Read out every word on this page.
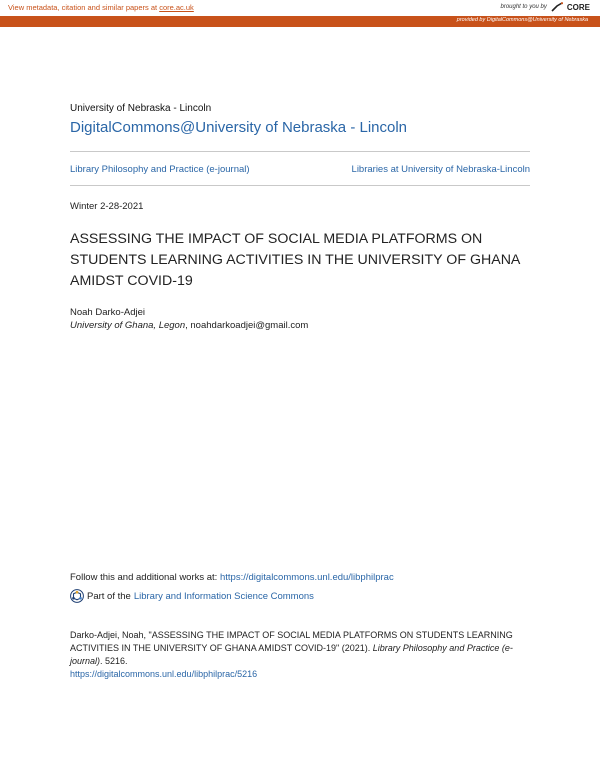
View metadata, citation and similar papers at core.ac.uk	brought to you by	CORE
provided by DigitalCommons@University of Nebraska
University of Nebraska - Lincoln
DigitalCommons@University of Nebraska - Lincoln
Library Philosophy and Practice (e-journal)	Libraries at University of Nebraska-Lincoln
Winter 2-28-2021
ASSESSING THE IMPACT OF SOCIAL MEDIA PLATFORMS ON STUDENTS LEARNING ACTIVITIES IN THE UNIVERSITY OF GHANA AMIDST COVID-19
Noah Darko-Adjei
University of Ghana, Legon, noahdarkoadjei@gmail.com
Follow this and additional works at: https://digitalcommons.unl.edu/libphilprac
Part of the Library and Information Science Commons
Darko-Adjei, Noah, "ASSESSING THE IMPACT OF SOCIAL MEDIA PLATFORMS ON STUDENTS LEARNING ACTIVITIES IN THE UNIVERSITY OF GHANA AMIDST COVID-19" (2021). Library Philosophy and Practice (e-journal). 5216.
https://digitalcommons.unl.edu/libphilprac/5216
